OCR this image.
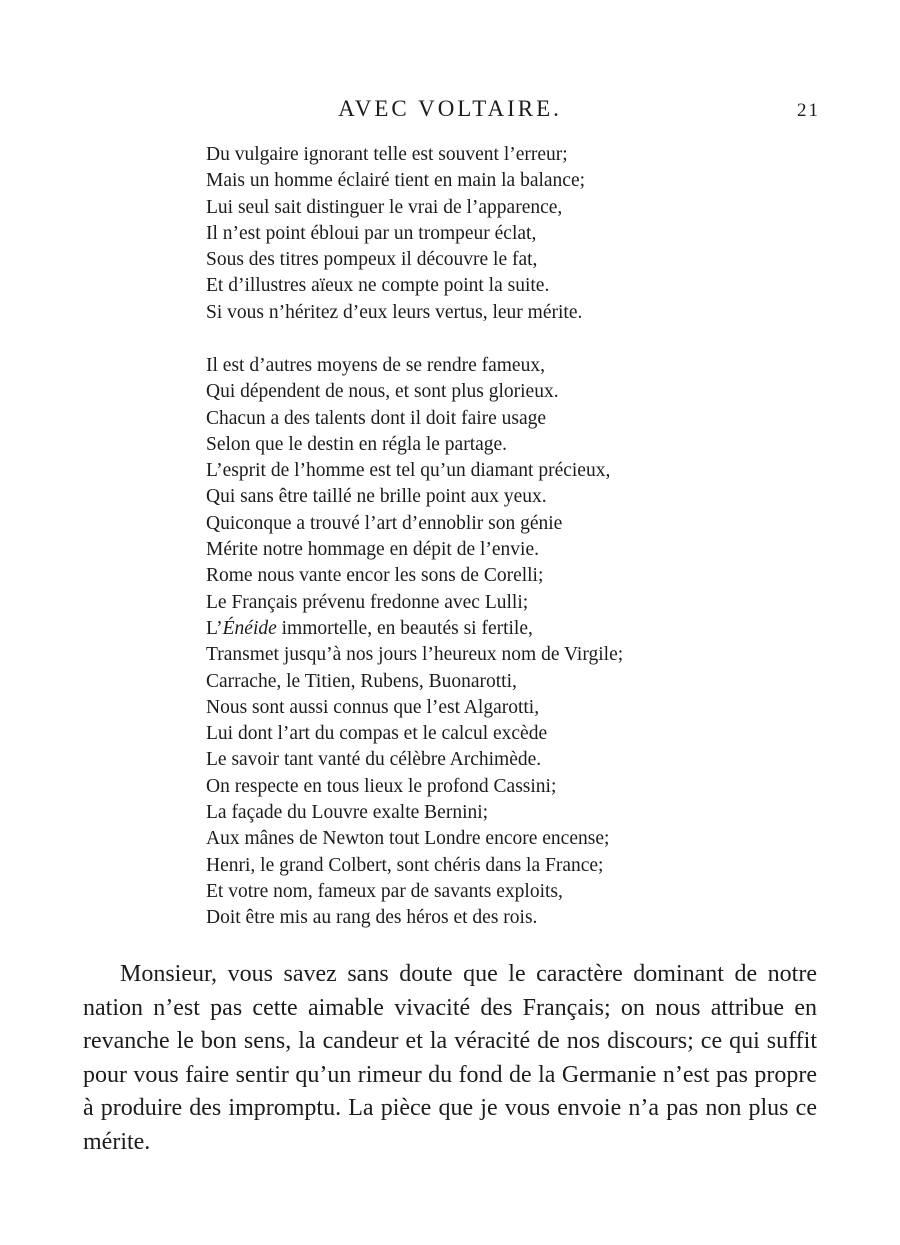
AVEC VOLTAIRE.	21
Du vulgaire ignorant telle est souvent l’erreur;
Mais un homme éclairé tient en main la balance;
Lui seul sait distinguer le vrai de l’apparence,
Il n’est point ébloui par un trompeur éclat,
Sous des titres pompeux il découvre le fat,
Et d’illustres aïeux ne compte point la suite.
Si vous n’héritez d’eux leurs vertus, leur mérite.
Il est d’autres moyens de se rendre fameux,
Qui dépendent de nous, et sont plus glorieux.
Chacun a des talents dont il doit faire usage
Selon que le destin en régla le partage.
L’esprit de l’homme est tel qu’un diamant précieux,
Qui sans être taillé ne brille point aux yeux.
Quiconque a trouvé l’art d’ennoblir son génie
Mérite notre hommage en dépit de l’envie.
Rome nous vante encor les sons de Corelli;
Le Français prévenu fredonne avec Lulli;
L’Énéide immortelle, en beautés si fertile,
Transmet jusqu’à nos jours l’heureux nom de Virgile;
Carrache, le Titien, Rubens, Buonarotti,
Nous sont aussi connus que l’est Algarotti,
Lui dont l’art du compas et le calcul excède
Le savoir tant vanté du célèbre Archimède.
On respecte en tous lieux le profond Cassini;
La façade du Louvre exalte Bernini;
Aux mânes de Newton tout Londre encore encense;
Henri, le grand Colbert, sont chéris dans la France;
Et votre nom, fameux par de savants exploits,
Doit être mis au rang des héros et des rois.

Monsieur, vous savez sans doute que le caractère dominant de notre nation n’est pas cette aimable vivacité des Français; on nous attribue en revanche le bon sens, la candeur et la véracité de nos discours; ce qui suffit pour vous faire sentir qu’un rimeur du fond de la Germanie n’est pas propre à produire des impromptu. La pièce que je vous envoie n’a pas non plus ce mérite.
